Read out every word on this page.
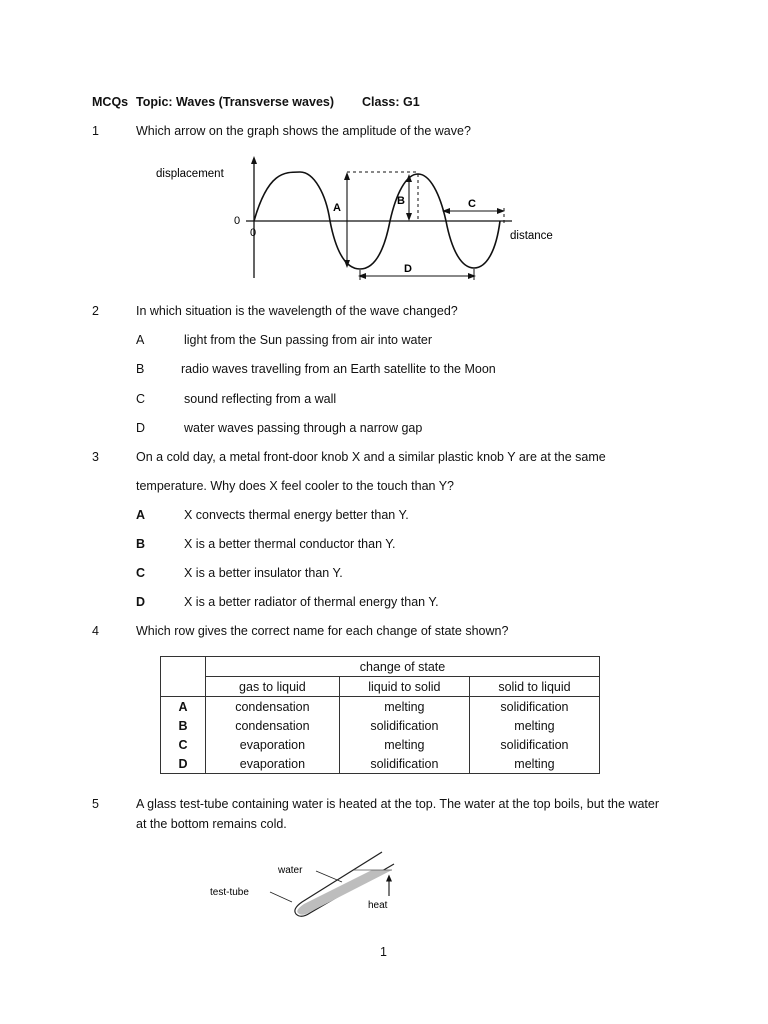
MCQs Topic: Waves (Transverse waves) Class: G1
1	Which arrow on the graph shows the amplitude of the wave?
displacement
distance
0
0
A
B	C
D
2	In which situation is the wavelength of the wave changed?
A	light from the Sun passing from air into water
B	radio waves travelling from an Earth satellite to the Moon
C	sound reflecting from a wall
D	water waves passing through a narrow gap
3	On a cold day, a metal front-door knob X and a similar plastic knob Y are at the same
temperature. Why does X feel cooler to the touch than Y?
A	X convects thermal energy better than Y.
B	X is a better thermal conductor than Y.
C	X is a better insulator than Y.
D	X is a better radiator of thermal energy than Y.
4	Which row gives the correct name for each change of state shown?
	change of state		
	gas to liquid	liquid to solid	solid to liquid
A	condensation	melting	solidification
B	condensation	solidification	melting
C	evaporation	melting	solidification
D	evaporation	solidification	melting
5	A glass test-tube containing water is heated at the top. The water at the top boils, but the water
at the bottom remains cold.
water
test-tube
heat
1
